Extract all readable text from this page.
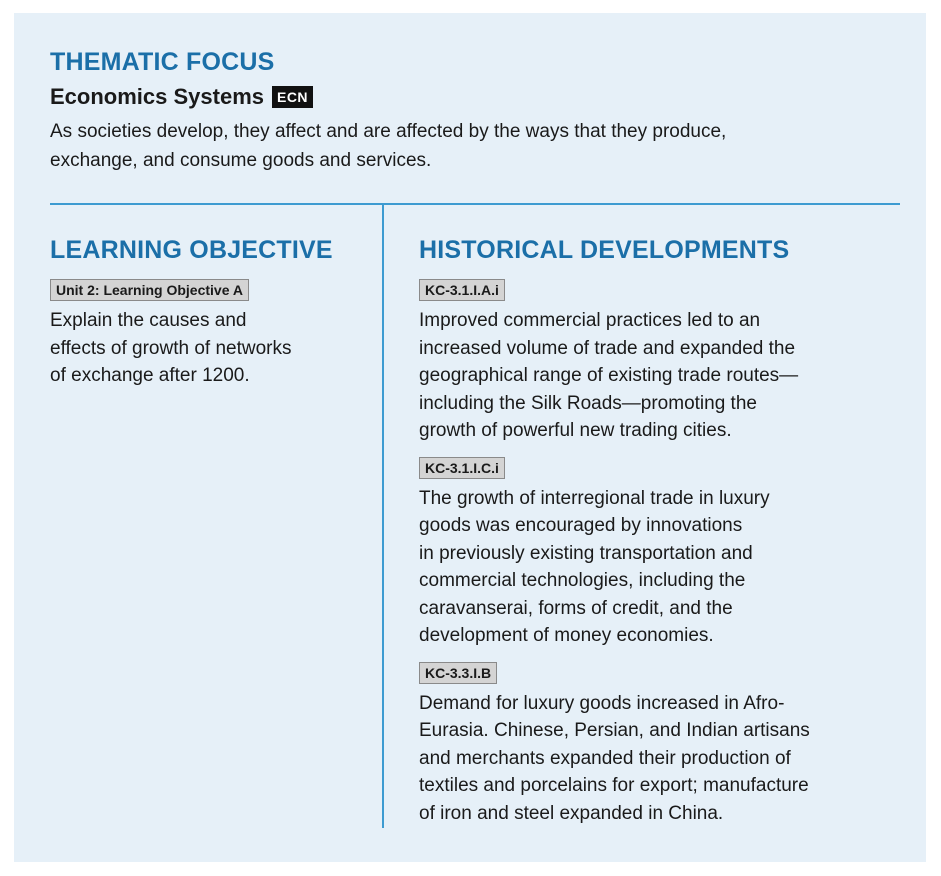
THEMATIC FOCUS
Economics Systems ECN

As societies develop, they affect and are affected by the ways that they produce,
exchange, and consume goods and services.

LEARNING OBJECTIVE
Unit 2: Learning Objective A

Explain the causes and
effects of growth of networks
of exchange after 1200.

HISTORICAL DEVELOPMENTS
KC-3.1.I.A.i

Improved commercial practices led to an
increased volume of trade and expanded the
geographical range of existing trade routes—
including the Silk Roads—promoting the
growth of powerful new trading cities.

KC-3.1.I.C.i

The growth of interregional trade in luxury
goods was encouraged by innovations
in previously existing transportation and
commercial technologies, including the
caravanserai, forms of credit, and the
development of money economies.

KC-3.3.I.B

Demand for luxury goods increased in Afro-
Eurasia. Chinese, Persian, and Indian artisans
and merchants expanded their production of
textiles and porcelains for export; manufacture
of iron and steel expanded in China.
